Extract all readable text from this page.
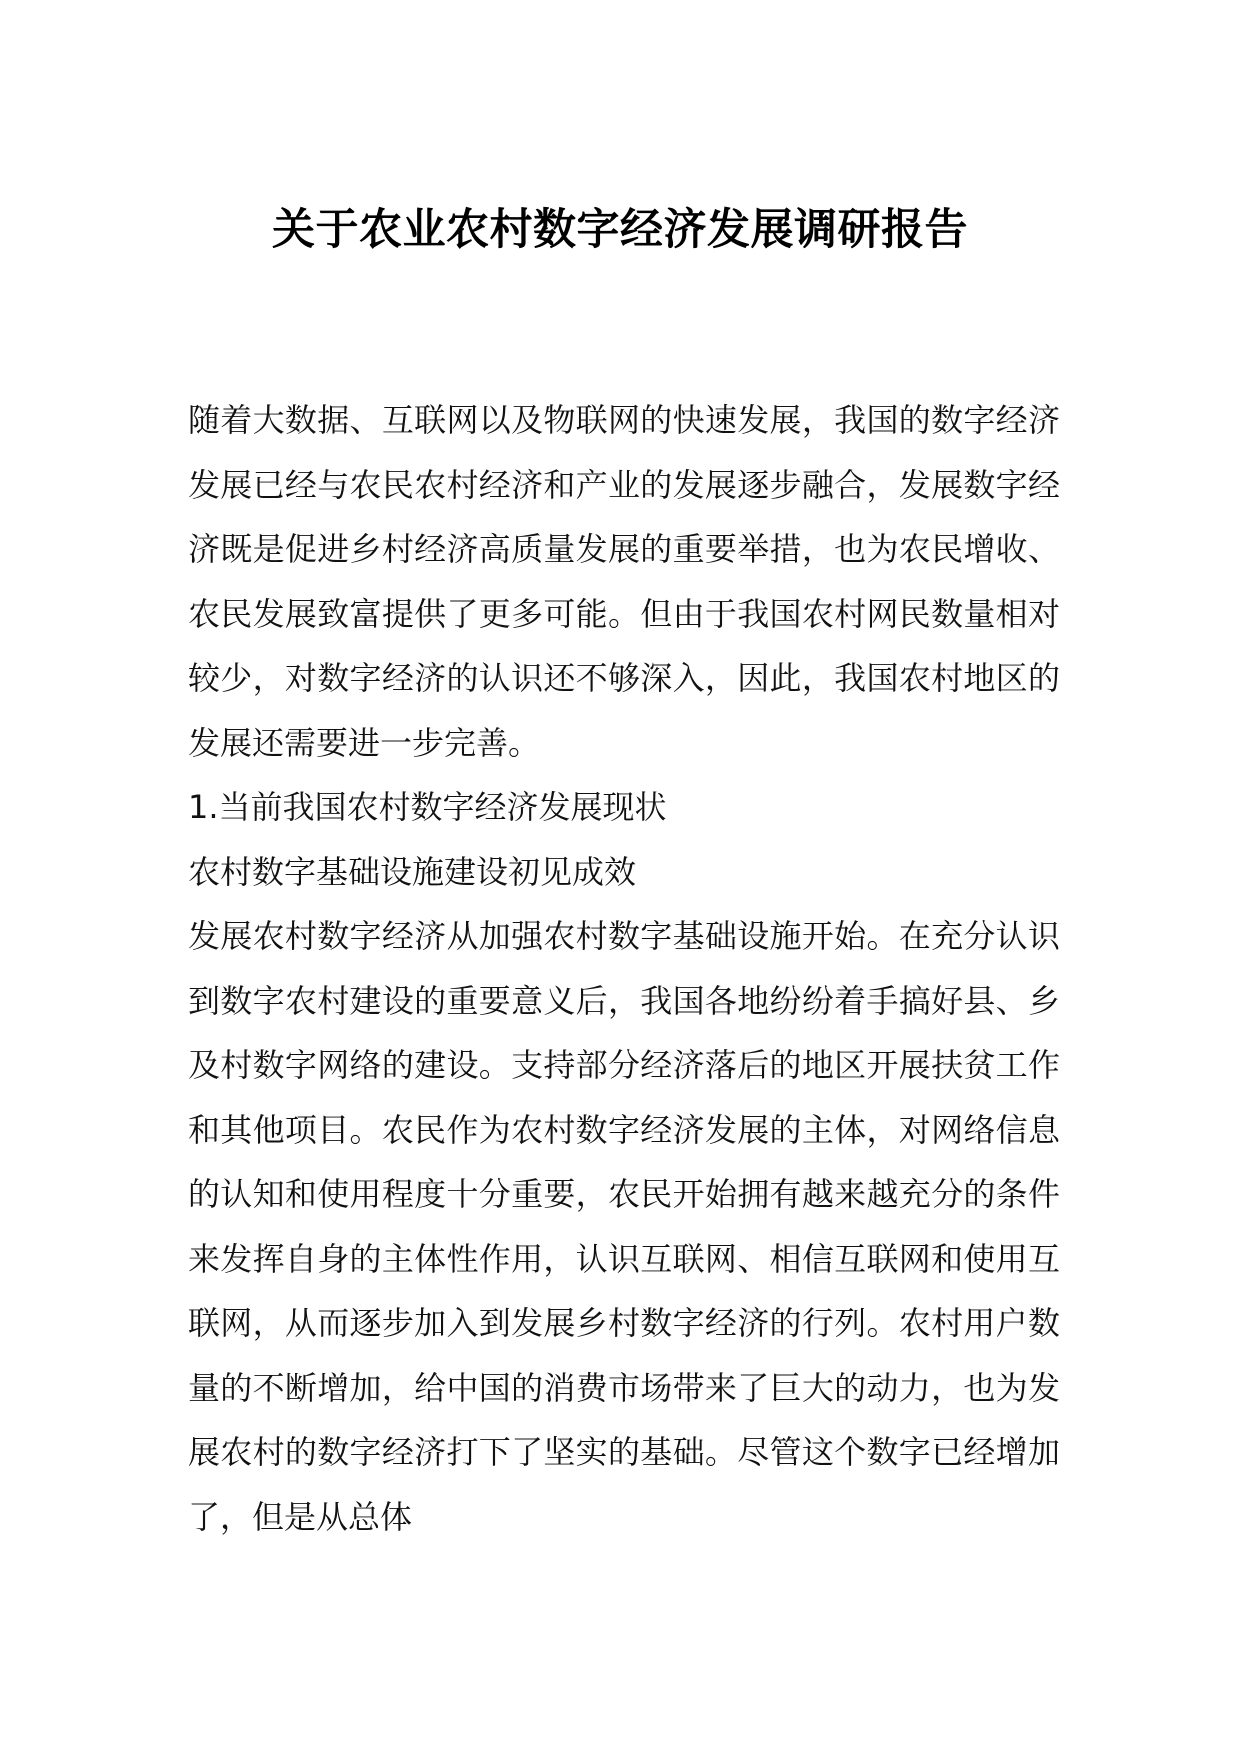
关于农业农村数字经济发展调研报告

随着大数据、互联网以及物联网的快速发展，我国的数字经济发展已经与农民农村经济和产业的发展逐步融合，发展数字经济既是促进乡村经济高质量发展的重要举措，也为农民增收、农民发展致富提供了更多可能。但由于我国农村网民数量相对较少，对数字经济的认识还不够深入，因此，我国农村地区的发展还需要进一步完善。

1.当前我国农村数字经济发展现状

农村数字基础设施建设初见成效

发展农村数字经济从加强农村数字基础设施开始。在充分认识到数字农村建设的重要意义后，我国各地纷纷着手搞好县、乡及村数字网络的建设。支持部分经济落后的地区开展扶贫工作和其他项目。农民作为农村数字经济发展的主体，对网络信息的认知和使用程度十分重要，农民开始拥有越来越充分的条件来发挥自身的主体性作用，认识互联网、相信互联网和使用互联网，从而逐步加入到发展乡村数字经济的行列。农村用户数量的不断增加，给中国的消费市场带来了巨大的动力，也为发展农村的数字经济打下了坚实的基础。尽管这个数字已经增加了，但是从总体
